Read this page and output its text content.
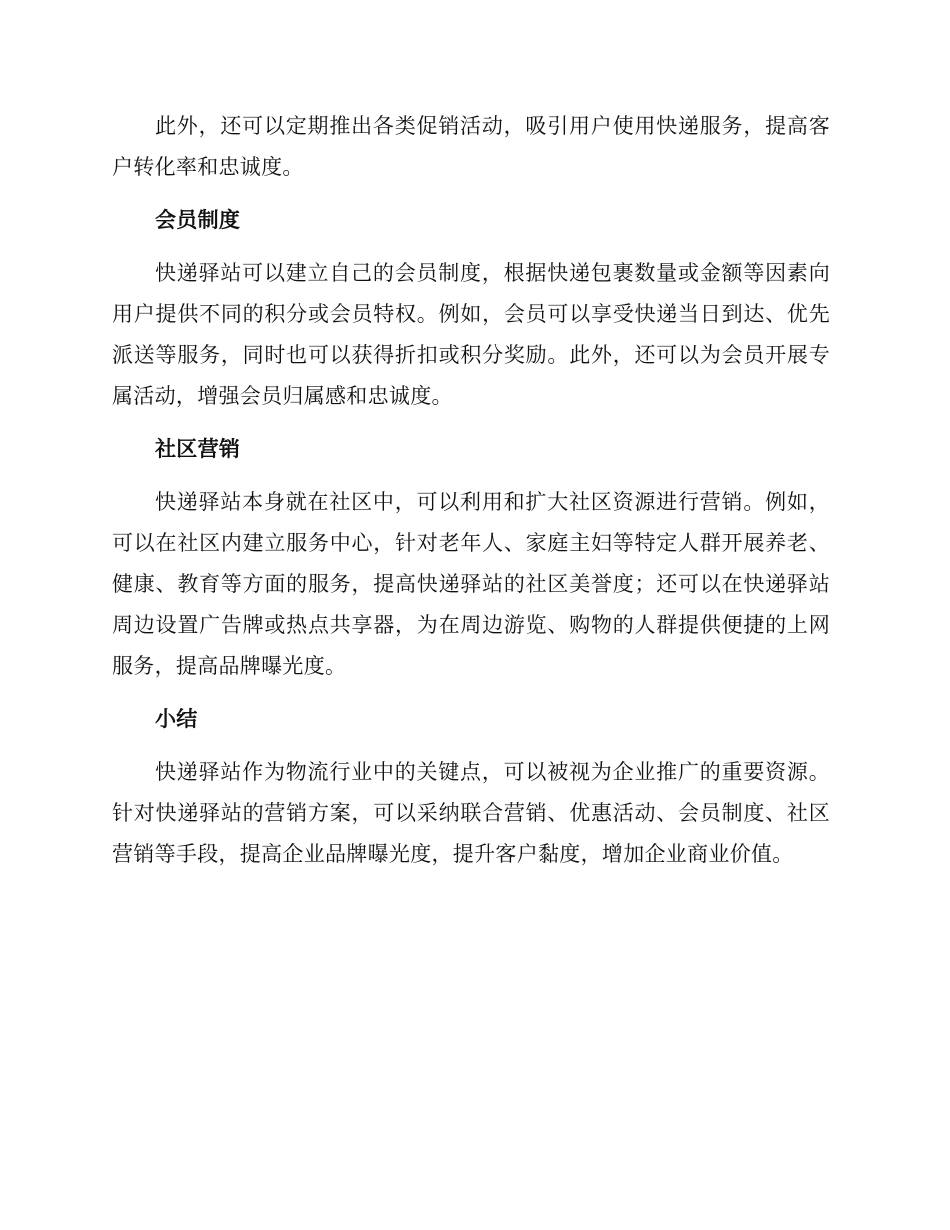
此外，还可以定期推出各类促销活动，吸引用户使用快递服务，提高客户转化率和忠诚度。

会员制度

快递驿站可以建立自己的会员制度，根据快递包裹数量或金额等因素向用户提供不同的积分或会员特权。例如，会员可以享受快递当日到达、优先派送等服务，同时也可以获得折扣或积分奖励。此外，还可以为会员开展专属活动，增强会员归属感和忠诚度。

社区营销

快递驿站本身就在社区中，可以利用和扩大社区资源进行营销。例如，可以在社区内建立服务中心，针对老年人、家庭主妇等特定人群开展养老、健康、教育等方面的服务，提高快递驿站的社区美誉度；还可以在快递驿站周边设置广告牌或热点共享器，为在周边游览、购物的人群提供便捷的上网服务，提高品牌曝光度。

小结

快递驿站作为物流行业中的关键点，可以被视为企业推广的重要资源。针对快递驿站的营销方案，可以采纳联合营销、优惠活动、会员制度、社区营销等手段，提高企业品牌曝光度，提升客户黏度，增加企业商业价值。
